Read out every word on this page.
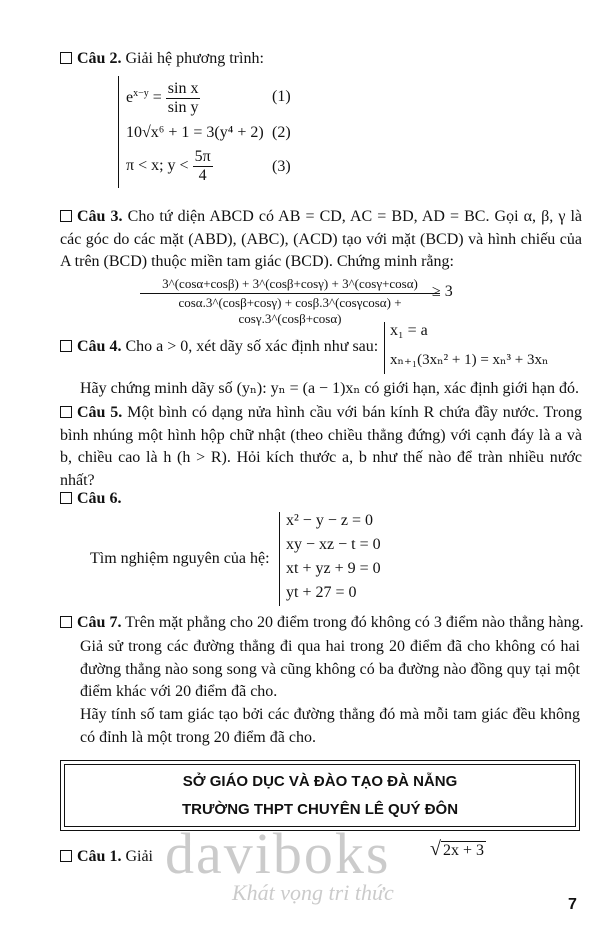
Câu 2. Giải hệ phương trình:
$e^{x-y} = \frac{\text{sin x}}{\text{sin y}}$	(1)
10√x⁶ + 1 = 3(y⁴ + 2) (2)
π < x; $y < \frac{5\pi}{4}$	(3)
Câu 3. Cho tứ diện ABCD có AB = CD, AC = BD, AD = BC. Gọi α, β, γ là các góc do các mặt (ABD), (ABC), (ACD) tạo với mặt (BCD) và hình chiếu của A trên (BCD) thuộc miền tam giác (BCD). Chứng minh rằng:
$\frac{3\^{}(\cos\alpha+\cos\beta) + 3\^{}(\cos\beta+\cos\gamma) + 3\^{}(\cos\gamma+\cos\alpha)}{\cos\alpha.3\^{}(\cos\beta+\cos\gamma) + \cos\beta.3\^{}(\cos\gamma\cos\alpha) + \cos\gamma.3\^{}(\cos\beta+\cos\alpha)}$
≥ 3
Câu 4. Cho a > 0, xét dãy số xác định như sau:
x₁ = a
xₙ₊₁(3xₙ² + 1) = xₙ³ + 3xₙ
Hãy chứng minh dãy số (yₙ): yₙ = (a − 1)xₙ có giới hạn, xác định giới hạn đó.
Câu 5. Một bình có dạng nửa hình cầu với bán kính R chứa đầy nước. Trong bình nhúng một hình hộp chữ nhật (theo chiều thẳng đứng) với cạnh đáy là a và b, chiều cao là h (h > R). Hỏi kích thước a, b như thế nào để tràn nhiều nước nhất?
Câu 6.
Tìm nghiệm nguyên của hệ:
x² − y − z = 0
xy − xz − t = 0
xt + yz + 9 = 0
yt + 27 = 0
Câu 7. Trên mặt phẳng cho 20 điểm trong đó không có 3 điểm nào thẳng hàng.
Giả sử trong các đường thẳng đi qua hai trong 20 điểm đã cho không có hai đường thẳng nào song song và cũng không có ba đường nào đồng quy tại một điểm khác với 20 điểm đã cho.
Hãy tính số tam giác tạo bởi các đường thẳng đó mà mỗi tam giác đều không có đỉnh là một trong 20 điểm đã cho.
SỞ GIÁO DỤC VÀ ĐÀO TẠO ĐÀ NẴNG
TRƯỜNG THPT CHUYÊN LÊ QUÝ ĐÔN
Câu 1. Giải	√ 2x + 3
daviboks
Khát vọng tri thức	7
